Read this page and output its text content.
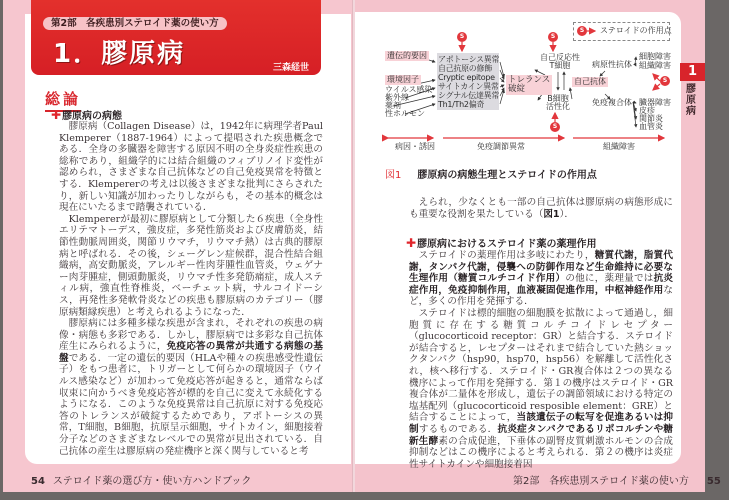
第2部　各疾患別ステロイド薬の使い方
1．膠原病	三森経世
総論
✚膠原病の病態

膠原病（Collagen Disease）は，1942年に病理学者Paul Klemperer（1887-1964）によって提唱された疾患概念である．全身の多臓器を障害する原因不明の全身炎症性疾患の総称であり，組織学的には結合組織のフィブリノイド変性が認められ，さまざまな自己抗体などの自己免疫異常を特徴とする．Klempererの考えは以後さまざまな批判にさらされたり，新しい知識が加わったりしながらも，その基本的概念は現在にいたるまで踏襲されている．

Klempererが最初に膠原病として分類した６疾患（全身性エリテマトーデス，強皮症，多発性筋炎および皮膚筋炎，結節性動脈周囲炎，関節リウマチ，リウマチ熱）は古典的膠原病と呼ばれる．その後，シェーグレン症候群，混合性結合組織病，高安動脈炎，アレルギー性肉芽腫性血管炎，ウェゲナー肉芽腫症，側頭動脈炎，リウマチ性多発筋痛症，成人スティル病，強直性脊椎炎，ベーチェット病，サルコイドーシス，再発性多発軟骨炎などの疾患も膠原病のカテゴリー（膠原病類縁疾患）と考えられるようになった．

膠原病には多種多様な疾患が含まれ，それぞれの疾患の病像・病態も多彩である．しかし，膠原病では多彩な自己抗体産生にみられるように，免疫応答の異常が共通する病態の基盤である．一定の遺伝的要因（HLAや種々の疾患感受性遺伝子）をもつ患者に，トリガーとして何らかの環境因子（ウイルス感染など）が加わって免疫応答が起きると，通常ならば収束に向かうべき免疫応答が標的を自己に変えて永続化するようになる．このような免疫異常は自己抗原に対する免疫応答のトレランスが破綻するためであり，アポトーシスの異常，T細胞，B細胞，抗原呈示細胞，サイトカイン，細胞接着分子などのさまざまなレベルでの異常が見出されている．自己抗体の産生は膠原病の発症機序と深く関与していると考

54 ステロイド薬の選び方・使い方ハンドブック
S	ステロイドの作用点
S	S
S
S
遺伝的要因
環境因子
ウイルス感染
紫外線
薬剤
性ホルモン
アポトーシス異常
自己抗原の修飾
Cryptic epitope
サイトカイン異常
シグナル伝達異常
Th1/Th2偏奇
トレランス
破綻
自己反応性
T細胞
B細胞
活性化
自己抗体
病原性抗体
細胞障害
組織障害
免疫複合体 臓器障害
皮疹
関節炎
血管炎
病因・誘因	免疫調節異常	組織障害
図1 膠原病の病態生理とステロイドの作用点

えられ，少なくとも一部の自己抗体は膠原病の病態形成にも重要な役割を果たしている（図1）．

✚膠原病におけるステロイド薬の薬理作用

ステロイドの薬理作用は多岐にわたり，糖質代謝，脂質代謝，タンパク代謝，侵襲への防御作用など生命維持に必要な生理作用（糖質コルチコイド作用）の他に，薬理量では抗炎症作用，免疫抑制作用，血液凝固促進作用，中枢神経作用など，多くの作用を発揮する．

ステロイドは標的細胞の細胞膜を拡散によって通過し，細胞質に存在する糖質コルチコイドレセプター（glucocorticoid receptor：GR）と結合する．ステロイドが結合すると，レセプターはそれまで結合していた熱ショックタンパク（hsp90，hsp70，hsp56）を解離して活性化され，核へ移行する．ステロイド・GR複合体は２つの異なる機序によって作用を発揮する．第１の機序はステロイド・GR複合体が二量体を形成し，遺伝子の調節領域における特定の塩基配列（glucocorticoid resposible element：GRE）と結合することによって，当該遺伝子の転写を促進あるいは抑制するものである．抗炎症タンパクであるリポコルチンや糖新生酵素の合成促進，下垂体の副腎皮質刺激ホルモンの合成抑制などはこの機序によると考えられる．第２の機序は炎症性サイトカインや細胞接着因

1
膠
原
病
第2部　各疾患別ステロイド薬の使い方 55
